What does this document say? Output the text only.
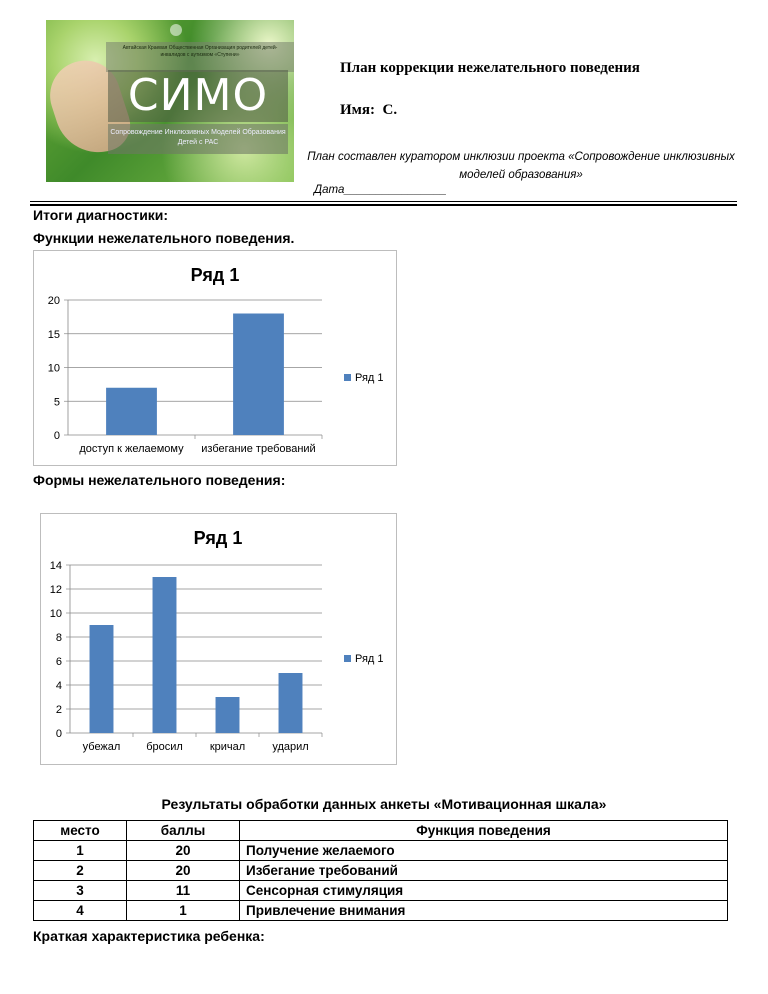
Автайская Краевая Общественная Организация родителей детей-инвалидов с аутизмом «Ступени»
СИМО
Сопровождение Инклюзивных Моделей Образования Детей с РАС
План коррекции нежелательного поведения
Имя: С.
План составлен куратором инклюзии проекта «Сопровождение инклюзивных моделей образования»
Дата________________
Итоги диагностики:
Функции нежелательного поведения.
Ряд 1
0
5
10
15
20
доступ к желаемому избегание требований
Ряд 1
Формы нежелательного поведения:
Ряд 1
0
2
4
6
8
10
12
14
убежал бросил кричал ударил
Ряд 1
Результаты обработки данных анкеты «Мотивационная шкала»
место	баллы	Функция поведения
1	20	Получение желаемого
2	20	Избегание требований
3	11	Сенсорная стимуляция
4	1	Привлечение внимания
Краткая характеристика ребенка:
